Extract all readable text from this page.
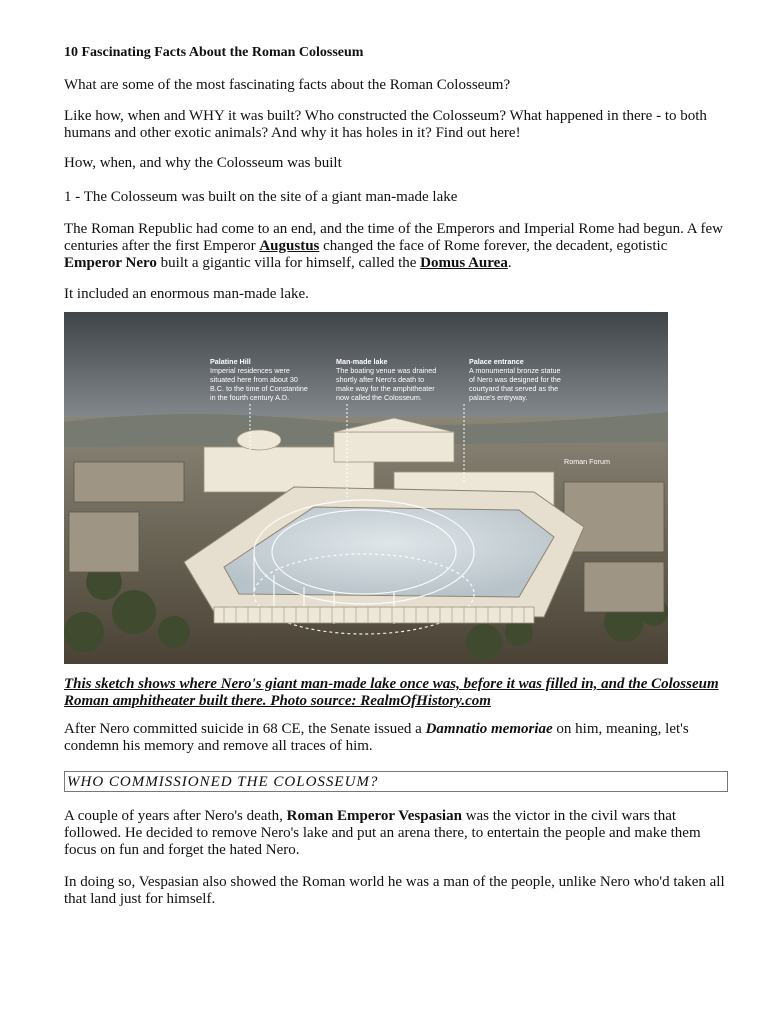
10 Fascinating Facts About the Roman Colosseum

What are some of the most fascinating facts about the Roman Colosseum?

Like how, when and WHY it was built? Who constructed the Colosseum? What happened in there - to both humans and other exotic animals? And why it has holes in it? Find out here!

How, when, and why the Colosseum was built

1 - The Colosseum was built on the site of a giant man-made lake

The Roman Republic had come to an end, and the time of the Emperors and Imperial Rome had begun. A few centuries after the first Emperor Augustus changed the face of Rome forever, the decadent, egotistic Emperor Nero built a gigantic villa for himself, called the Domus Aurea.

It included an enormous man-made lake.

Palatine Hill Imperial residences were situated here from about 30 B.C. to the time of Constantine in the fourth century A.D.
Man-made lake The boating venue was drained shortly after Nero's death to make way for the amphitheater now called the Colosseum.
Palace entrance A monumental bronze statue of Nero was designed for the courtyard that served as the palace's entryway.
Roman Forum

This sketch shows where Nero's giant man-made lake once was, before it was filled in, and the Colosseum Roman amphitheater built there. Photo source: RealmOfHistory.com

After Nero committed suicide in 68 CE, the Senate issued a Damnatio memoriae on him, meaning, let's condemn his memory and remove all traces of him.

WHO COMMISSIONED THE COLOSSEUM?

A couple of years after Nero's death, Roman Emperor Vespasian was the victor in the civil wars that followed. He decided to remove Nero's lake and put an arena there, to entertain the people and make them focus on fun and forget the hated Nero.

In doing so, Vespasian also showed the Roman world he was a man of the people, unlike Nero who'd taken all that land just for himself.
